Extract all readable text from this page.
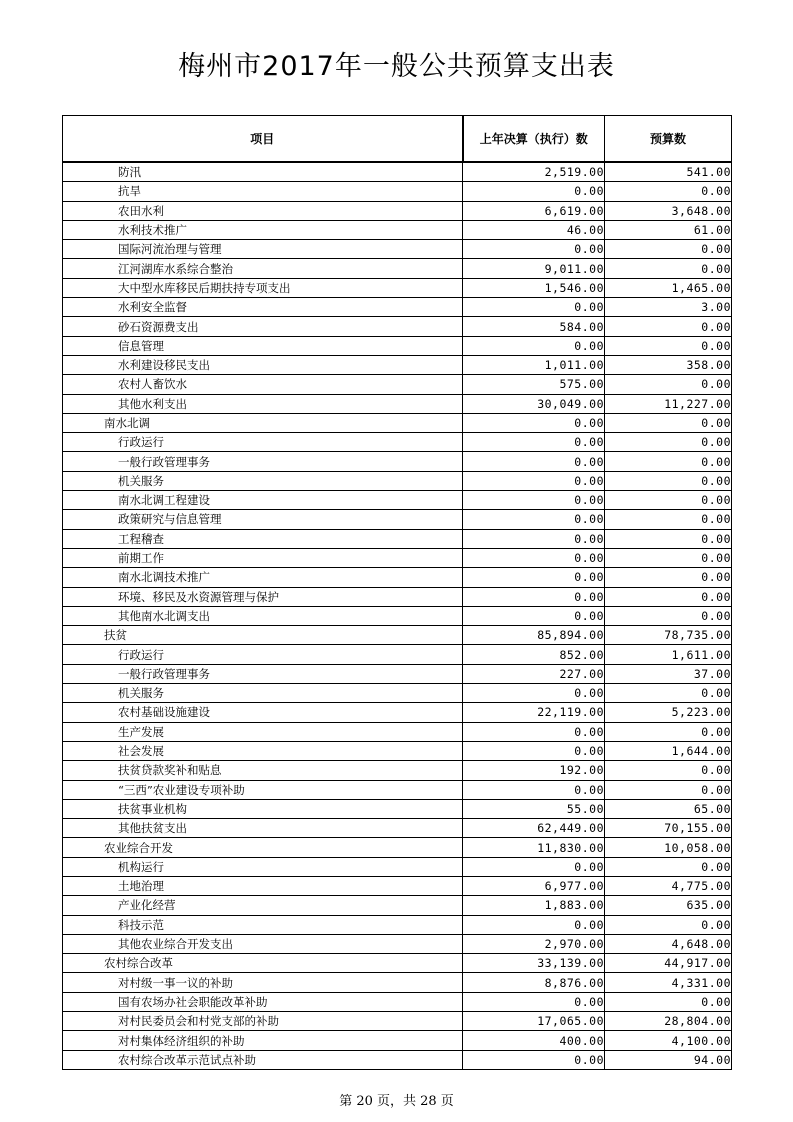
梅州市2017年一般公共预算支出表
项目	上年决算（执行）数	预算数
防汛	2,519.00	541.00
抗旱	0.00	0.00
农田水利	6,619.00	3,648.00
水利技术推广	46.00	61.00
国际河流治理与管理	0.00	0.00
江河湖库水系综合整治	9,011.00	0.00
大中型水库移民后期扶持专项支出	1,546.00	1,465.00
水利安全监督	0.00	3.00
砂石资源费支出	584.00	0.00
信息管理	0.00	0.00
水利建设移民支出	1,011.00	358.00
农村人畜饮水	575.00	0.00
其他水利支出	30,049.00	11,227.00
南水北调	0.00	0.00
行政运行	0.00	0.00
一般行政管理事务	0.00	0.00
机关服务	0.00	0.00
南水北调工程建设	0.00	0.00
政策研究与信息管理	0.00	0.00
工程稽查	0.00	0.00
前期工作	0.00	0.00
南水北调技术推广	0.00	0.00
环境、移民及水资源管理与保护	0.00	0.00
其他南水北调支出	0.00	0.00
扶贫	85,894.00	78,735.00
行政运行	852.00	1,611.00
一般行政管理事务	227.00	37.00
机关服务	0.00	0.00
农村基础设施建设	22,119.00	5,223.00
生产发展	0.00	0.00
社会发展	0.00	1,644.00
扶贫贷款奖补和贴息	192.00	0.00
“三西”农业建设专项补助	0.00	0.00
扶贫事业机构	55.00	65.00
其他扶贫支出	62,449.00	70,155.00
农业综合开发	11,830.00	10,058.00
机构运行	0.00	0.00
土地治理	6,977.00	4,775.00
产业化经营	1,883.00	635.00
科技示范	0.00	0.00
其他农业综合开发支出	2,970.00	4,648.00
农村综合改革	33,139.00	44,917.00
对村级一事一议的补助	8,876.00	4,331.00
国有农场办社会职能改革补助	0.00	0.00
对村民委员会和村党支部的补助	17,065.00	28,804.00
对村集体经济组织的补助	400.00	4,100.00
农村综合改革示范试点补助	0.00	94.00
第 20 页，共 28 页
